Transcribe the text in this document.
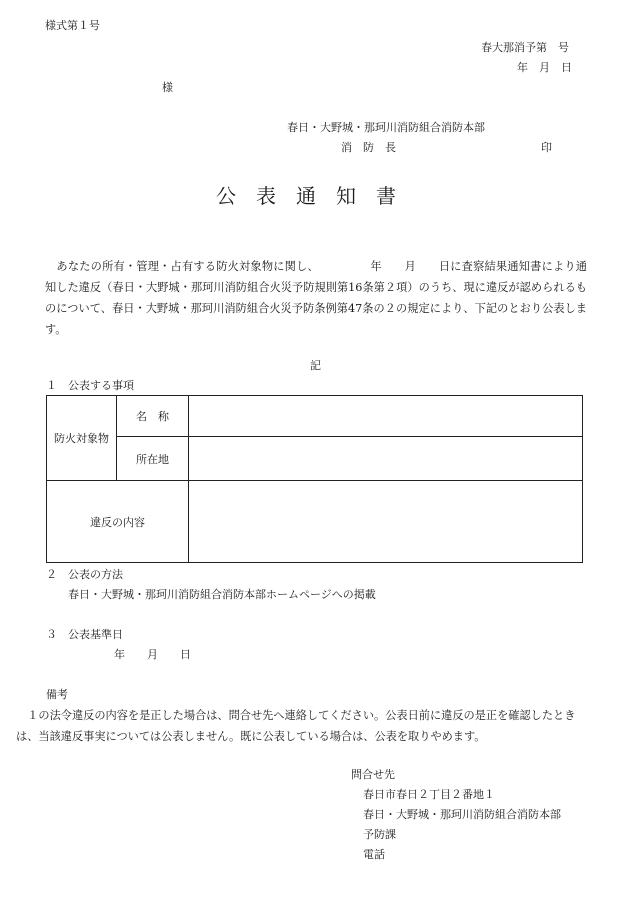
様式第１号
春大那消予第　号
年　月　日
様
春日・大野城・那珂川消防組合消防本部
消　防　長	印
公 表 通 知 書
　あなたの所有・管理・占有する防火対象物に関し、　　　　　年　　月　　日に査察結果通知書により通知した違反（春日・大野城・那珂川消防組合火災予防規則第16条第２項）のうち、現に違反が認められるものについて、春日・大野城・那珂川消防組合火災予防条例第47条の２の規定により、下記のとおり公表します。
記
１　公表する事項
防火対象物	名　称	
	所在地	
違反の内容		
２　公表の方法
春日・大野城・那珂川消防組合消防本部ホームページへの掲載
３　公表基準日
年　　月　　日
備考
　１の法令違反の内容を是正した場合は、問合せ先へ連絡してください。公表日前に違反の是正を確認したときは、当該違反事実については公表しません。既に公表している場合は、公表を取りやめます。
問合せ先
春日市春日２丁目２番地１
春日・大野城・那珂川消防組合消防本部
予防課
電話
